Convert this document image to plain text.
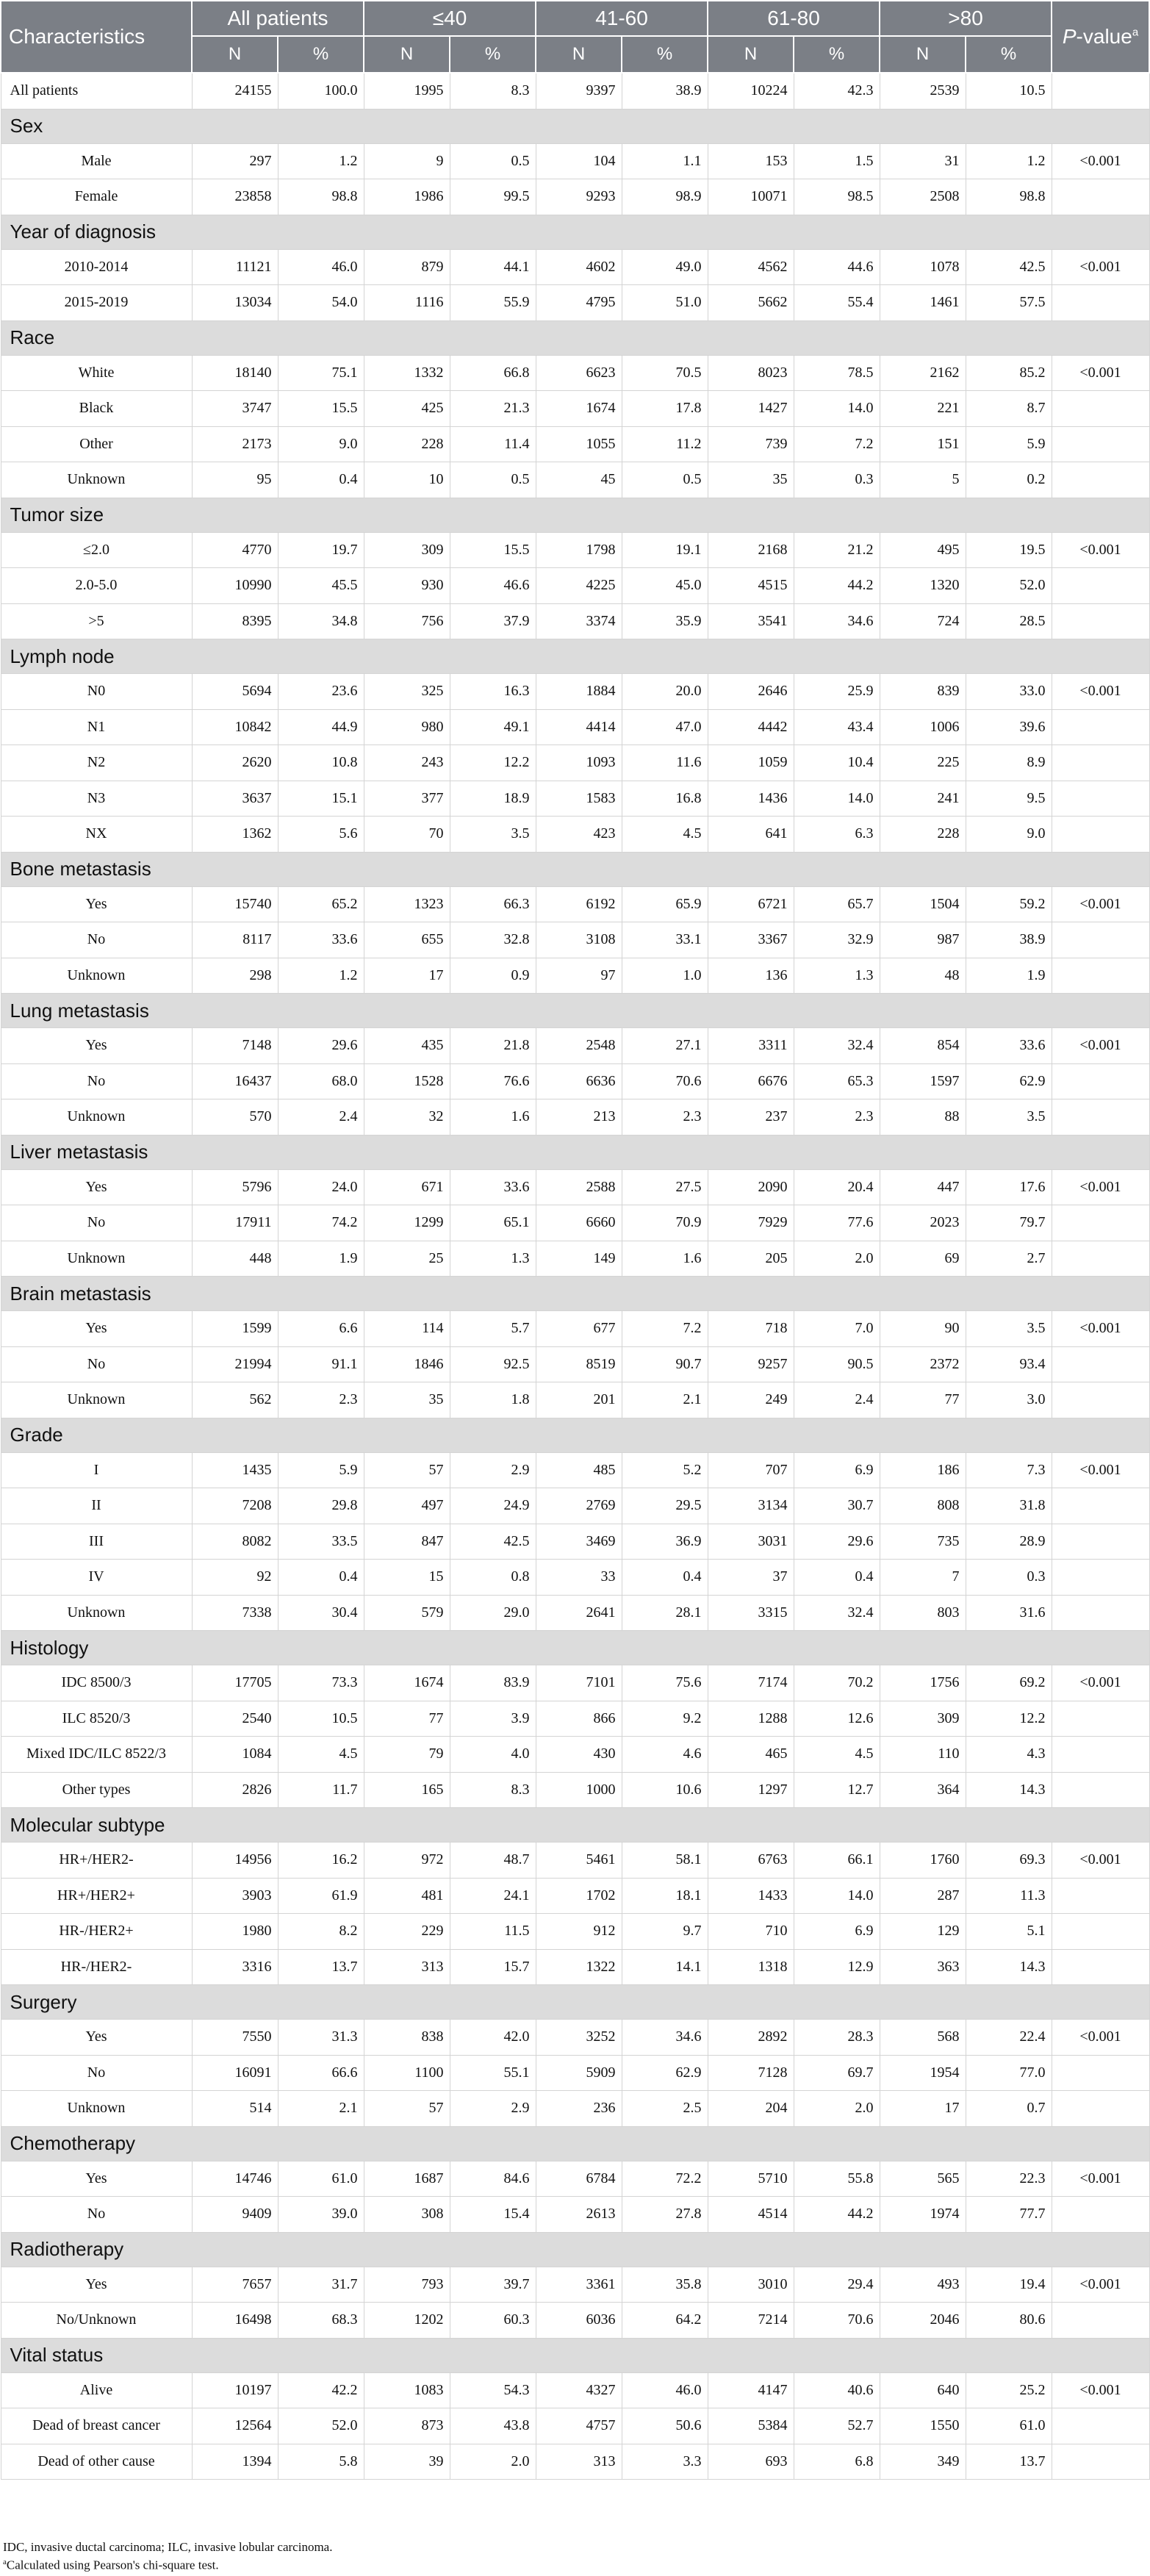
Characteristics	All patients		≤40		41-60		61-80		>80		P-value$^a$
	N	%	N	%	N	%	N	%	N	%	
All patients	24155	100.0	1995	8.3	9397	38.9	10224	42.3	2539	10.5	
Sex											
Male	297	1.2	9	0.5	104	1.1	153	1.5	31	1.2	<0.001
Female	23858	98.8	1986	99.5	9293	98.9	10071	98.5	2508	98.8	
Year of diagnosis											
2010-2014	11121	46.0	879	44.1	4602	49.0	4562	44.6	1078	42.5	<0.001
2015-2019	13034	54.0	1116	55.9	4795	51.0	5662	55.4	1461	57.5	
Race											
White	18140	75.1	1332	66.8	6623	70.5	8023	78.5	2162	85.2	<0.001
Black	3747	15.5	425	21.3	1674	17.8	1427	14.0	221	8.7	
Other	2173	9.0	228	11.4	1055	11.2	739	7.2	151	5.9	
Unknown	95	0.4	10	0.5	45	0.5	35	0.3	5	0.2	
Tumor size											
≤2.0	4770	19.7	309	15.5	1798	19.1	2168	21.2	495	19.5	<0.001
2.0-5.0	10990	45.5	930	46.6	4225	45.0	4515	44.2	1320	52.0	
>5	8395	34.8	756	37.9	3374	35.9	3541	34.6	724	28.5	
Lymph node											
N0	5694	23.6	325	16.3	1884	20.0	2646	25.9	839	33.0	<0.001
N1	10842	44.9	980	49.1	4414	47.0	4442	43.4	1006	39.6	
N2	2620	10.8	243	12.2	1093	11.6	1059	10.4	225	8.9	
N3	3637	15.1	377	18.9	1583	16.8	1436	14.0	241	9.5	
NX	1362	5.6	70	3.5	423	4.5	641	6.3	228	9.0	
Bone metastasis											
Yes	15740	65.2	1323	66.3	6192	65.9	6721	65.7	1504	59.2	<0.001
No	8117	33.6	655	32.8	3108	33.1	3367	32.9	987	38.9	
Unknown	298	1.2	17	0.9	97	1.0	136	1.3	48	1.9	
Lung metastasis											
Yes	7148	29.6	435	21.8	2548	27.1	3311	32.4	854	33.6	<0.001
No	16437	68.0	1528	76.6	6636	70.6	6676	65.3	1597	62.9	
Unknown	570	2.4	32	1.6	213	2.3	237	2.3	88	3.5	
Liver metastasis											
Yes	5796	24.0	671	33.6	2588	27.5	2090	20.4	447	17.6	<0.001
No	17911	74.2	1299	65.1	6660	70.9	7929	77.6	2023	79.7	
Unknown	448	1.9	25	1.3	149	1.6	205	2.0	69	2.7	
Brain metastasis											
Yes	1599	6.6	114	5.7	677	7.2	718	7.0	90	3.5	<0.001
No	21994	91.1	1846	92.5	8519	90.7	9257	90.5	2372	93.4	
Unknown	562	2.3	35	1.8	201	2.1	249	2.4	77	3.0	
Grade											
I	1435	5.9	57	2.9	485	5.2	707	6.9	186	7.3	<0.001
II	7208	29.8	497	24.9	2769	29.5	3134	30.7	808	31.8	
III	8082	33.5	847	42.5	3469	36.9	3031	29.6	735	28.9	
IV	92	0.4	15	0.8	33	0.4	37	0.4	7	0.3	
Unknown	7338	30.4	579	29.0	2641	28.1	3315	32.4	803	31.6	
Histology											
IDC 8500/3	17705	73.3	1674	83.9	7101	75.6	7174	70.2	1756	69.2	<0.001
ILC 8520/3	2540	10.5	77	3.9	866	9.2	1288	12.6	309	12.2	
Mixed IDC/ILC 8522/3	1084	4.5	79	4.0	430	4.6	465	4.5	110	4.3	
Other types	2826	11.7	165	8.3	1000	10.6	1297	12.7	364	14.3	
Molecular subtype											
HR+/HER2-	14956	16.2	972	48.7	5461	58.1	6763	66.1	1760	69.3	<0.001
HR+/HER2+	3903	61.9	481	24.1	1702	18.1	1433	14.0	287	11.3	
HR-/HER2+	1980	8.2	229	11.5	912	9.7	710	6.9	129	5.1	
HR-/HER2-	3316	13.7	313	15.7	1322	14.1	1318	12.9	363	14.3	
Surgery											
Yes	7550	31.3	838	42.0	3252	34.6	2892	28.3	568	22.4	<0.001
No	16091	66.6	1100	55.1	5909	62.9	7128	69.7	1954	77.0	
Unknown	514	2.1	57	2.9	236	2.5	204	2.0	17	0.7	
Chemotherapy											
Yes	14746	61.0	1687	84.6	6784	72.2	5710	55.8	565	22.3	<0.001
No	9409	39.0	308	15.4	2613	27.8	4514	44.2	1974	77.7	
Radiotherapy											
Yes	7657	31.7	793	39.7	3361	35.8	3010	29.4	493	19.4	<0.001
No/Unknown	16498	68.3	1202	60.3	6036	64.2	7214	70.6	2046	80.6	
Vital status											
Alive	10197	42.2	1083	54.3	4327	46.0	4147	40.6	640	25.2	<0.001
Dead of breast cancer	12564	52.0	873	43.8	4757	50.6	5384	52.7	1550	61.0	
Dead of other cause	1394	5.8	39	2.0	313	3.3	693	6.8	349	13.7	
IDC, invasive ductal carcinoma; ILC, invasive lobular carcinoma.
$^a$Calculated using Pearson's chi-square test.
